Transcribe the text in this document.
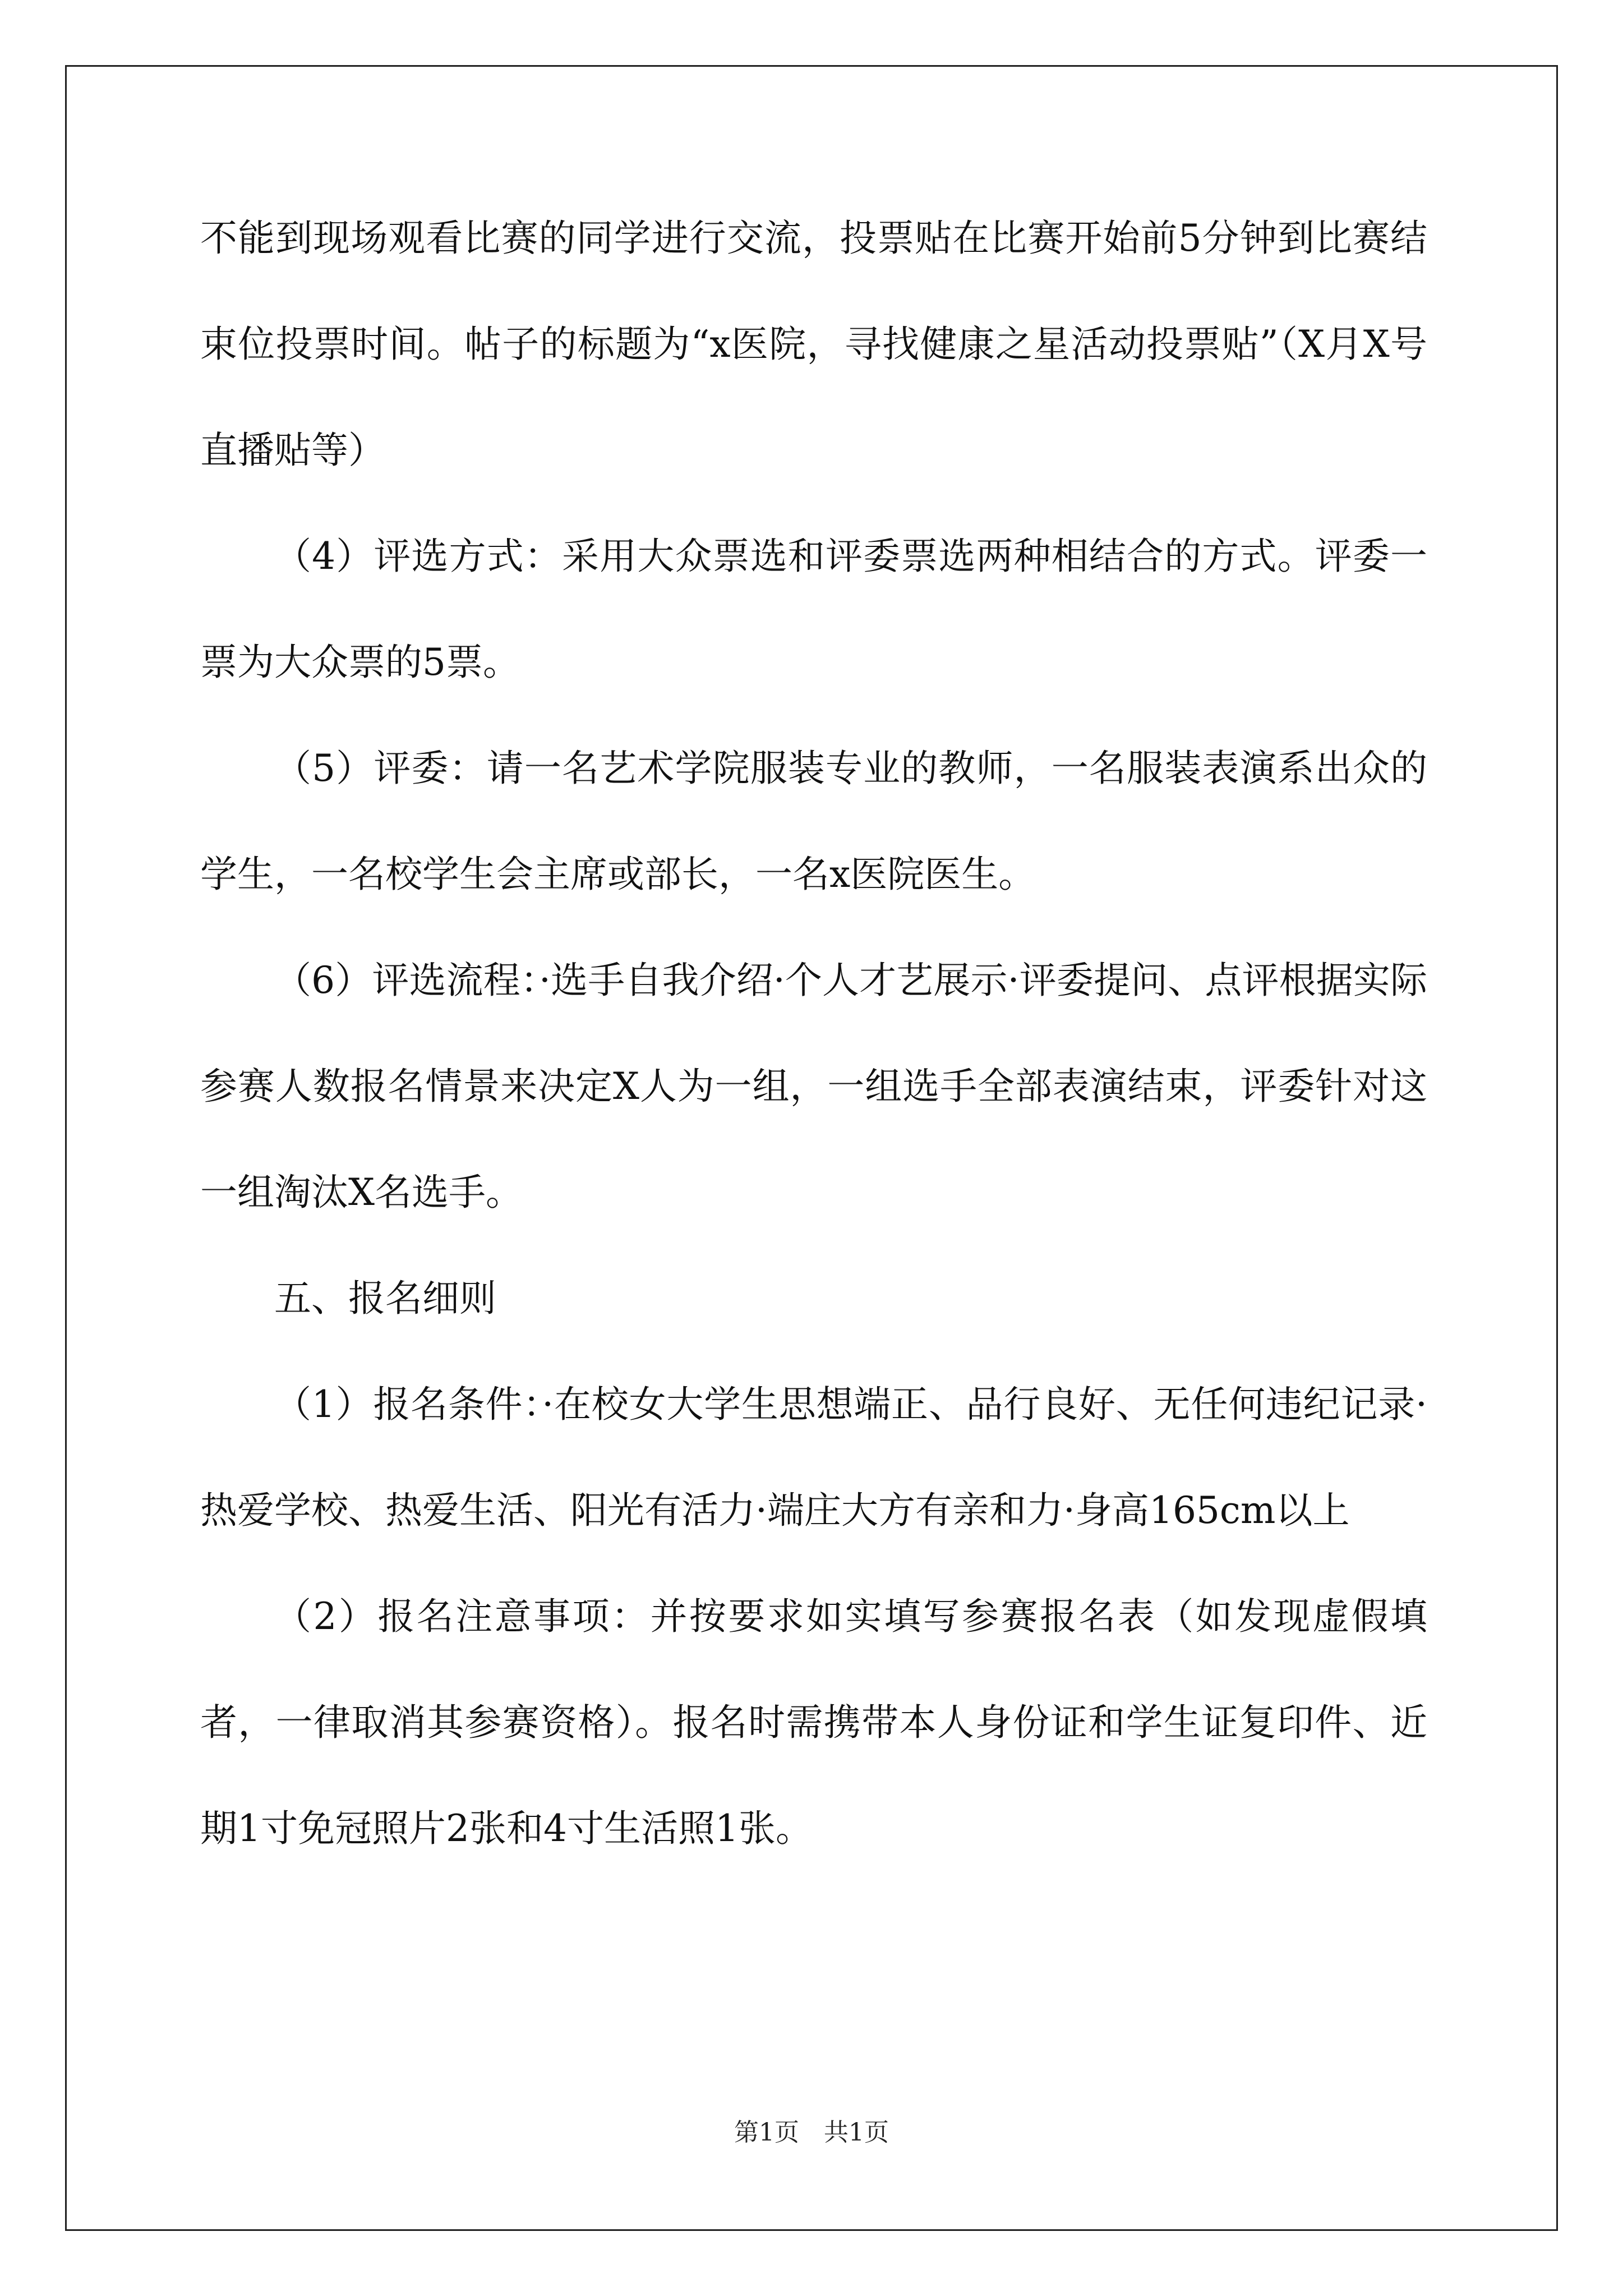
不能到现场观看比赛的同学进行交流，投票贴在比赛开始前5分钟到比赛结束位投票时间。帖子的标题为“x医院，寻找健康之星活动投票贴”（X月X号直播贴等）

（4）评选方式：采用大众票选和评委票选两种相结合的方式。评委一票为大众票的5票。

（5）评委：请一名艺术学院服装专业的教师，一名服装表演系出众的学生，一名校学生会主席或部长，一名x医院医生。

（6）评选流程：·选手自我介绍·个人才艺展示·评委提问、点评根据实际参赛人数报名情景来决定X人为一组，一组选手全部表演结束，评委针对这一组淘汰X名选手。

五、报名细则

（1）报名条件：·在校女大学生思想端正、品行良好、无任何违纪记录·热爱学校、热爱生活、阳光有活力·端庄大方有亲和力·身高165cm以上

（2）报名注意事项：并按要求如实填写参赛报名表（如发现虚假填者，一律取消其参赛资格）。报名时需携带本人身份证和学生证复印件、近期1寸免冠照片2张和4寸生活照1张。

第1页　共1页
